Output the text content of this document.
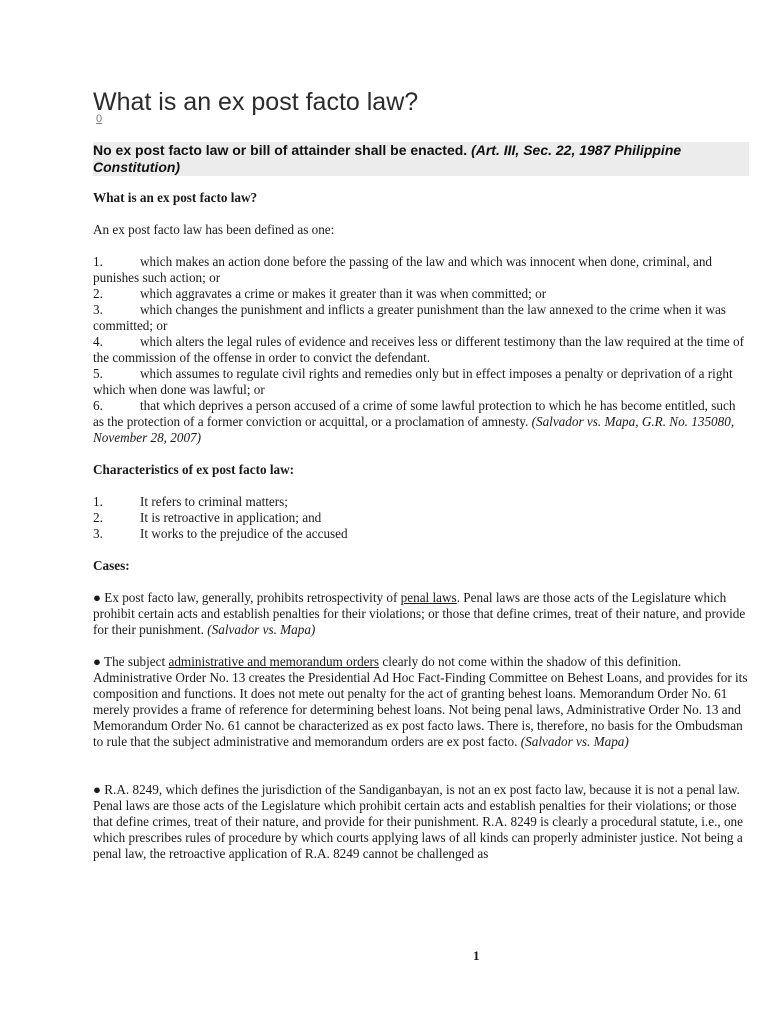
What is an ex post facto law?
0
No ex post facto law or bill of attainder shall be enacted. (Art. III, Sec. 22, 1987 Philippine Constitution)

What is an ex post facto law?

An ex post facto law has been defined as one:

1.	which makes an action done before the passing of the law and which was innocent when done, criminal, and punishes such action; or

2.	which aggravates a crime or makes it greater than it was when committed; or

3.	which changes the punishment and inflicts a greater punishment than the law annexed to the crime when it was committed; or

4.	which alters the legal rules of evidence and receives less or different testimony than the law required at the time of the commission of the offense in order to convict the defendant.

5.	which assumes to regulate civil rights and remedies only but in effect imposes a penalty or deprivation of a right which when done was lawful; or

6.	that which deprives a person accused of a crime of some lawful protection to which he has become entitled, such as the protection of a former conviction or acquittal, or a proclamation of amnesty. (Salvador vs. Mapa, G.R. No. 135080, November 28, 2007)

Characteristics of ex post facto law:

1.	It refers to criminal matters;

2.	It is retroactive in application; and

3.	It works to the prejudice of the accused

Cases:

● Ex post facto law, generally, prohibits retrospectivity of penal laws. Penal laws are those acts of the Legislature which prohibit certain acts and establish penalties for their violations; or those that define crimes, treat of their nature, and provide for their punishment. (Salvador vs. Mapa)

● The subject administrative and memorandum orders clearly do not come within the shadow of this definition. Administrative Order No. 13 creates the Presidential Ad Hoc Fact-Finding Committee on Behest Loans, and provides for its composition and functions. It does not mete out penalty for the act of granting behest loans. Memorandum Order No. 61 merely provides a frame of reference for determining behest loans. Not being penal laws, Administrative Order No. 13 and Memorandum Order No. 61 cannot be characterized as ex post facto laws. There is, therefore, no basis for the Ombudsman to rule that the subject administrative and memorandum orders are ex post facto. (Salvador vs. Mapa)

● R.A. 8249, which defines the jurisdiction of the Sandiganbayan, is not an ex post facto law, because it is not a penal law. Penal laws are those acts of the Legislature which prohibit certain acts and establish penalties for their violations; or those that define crimes, treat of their nature, and provide for their punishment. R.A. 8249 is clearly a procedural statute, i.e., one which prescribes rules of procedure by which courts applying laws of all kinds can properly administer justice. Not being a penal law, the retroactive application of R.A. 8249 cannot be challenged as

1
